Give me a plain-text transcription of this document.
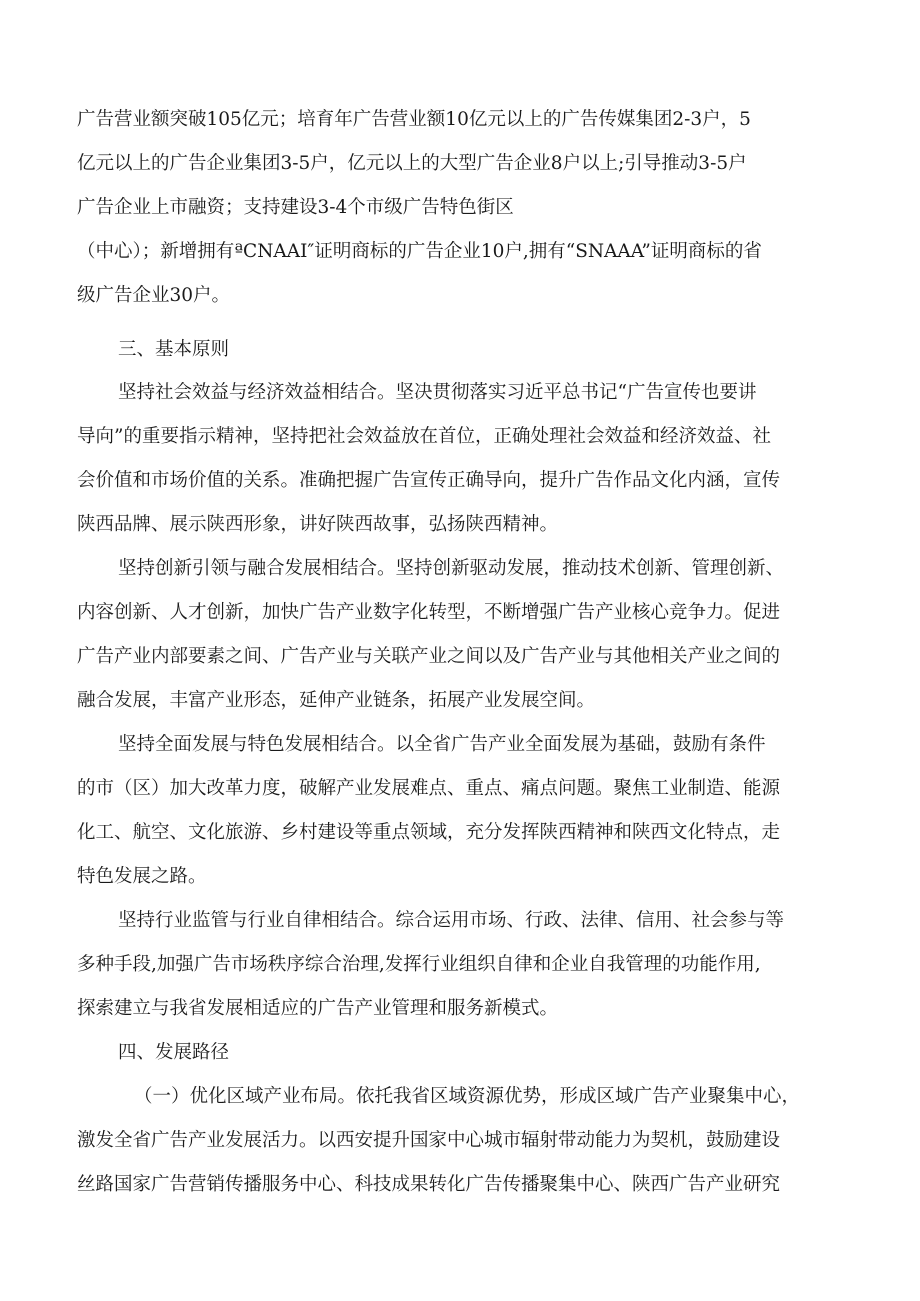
广告营业额突破105亿元；培育年广告营业额10亿元以上的广告传媒集团2-3户，5
亿元以上的广告企业集团3-5户，亿元以上的大型广告企业8户以上;引导推动3-5户
广告企业上市融资；支持建设3-4个市级广告特色街区
（中心）；新增拥有ªCNAAI″证明商标的广告企业10户,拥有“SNAAA”证明商标的省
级广告企业30户。
三、基本原则
坚持社会效益与经济效益相结合。坚决贯彻落实习近平总书记“广告宣传也要讲
导向”的重要指示精神，坚持把社会效益放在首位，正确处理社会效益和经济效益、社
会价值和市场价值的关系。准确把握广告宣传正确导向，提升广告作品文化内涵，宣传
陕西品牌、展示陕西形象，讲好陕西故事，弘扬陕西精神。
坚持创新引领与融合发展相结合。坚持创新驱动发展，推动技术创新、管理创新、
内容创新、人才创新，加快广告产业数字化转型，不断增强广告产业核心竞争力。促进
广告产业内部要素之间、广告产业与关联产业之间以及广告产业与其他相关产业之间的
融合发展，丰富产业形态，延伸产业链条，拓展产业发展空间。
坚持全面发展与特色发展相结合。以全省广告产业全面发展为基础，鼓励有条件
的市（区）加大改革力度，破解产业发展难点、重点、痛点问题。聚焦工业制造、能源
化工、航空、文化旅游、乡村建设等重点领域，充分发挥陕西精神和陕西文化特点，走
特色发展之路。
坚持行业监管与行业自律相结合。综合运用市场、行政、法律、信用、社会参与等
多种手段,加强广告市场秩序综合治理,发挥行业组织自律和企业自我管理的功能作用,
探索建立与我省发展相适应的广告产业管理和服务新模式。
四、发展路径
（一）优化区域产业布局。依托我省区域资源优势，形成区域广告产业聚集中心，
激发全省广告产业发展活力。以西安提升国家中心城市辐射带动能力为契机，鼓励建设
丝路国家广告营销传播服务中心、科技成果转化广告传播聚集中心、陕西广告产业研究
